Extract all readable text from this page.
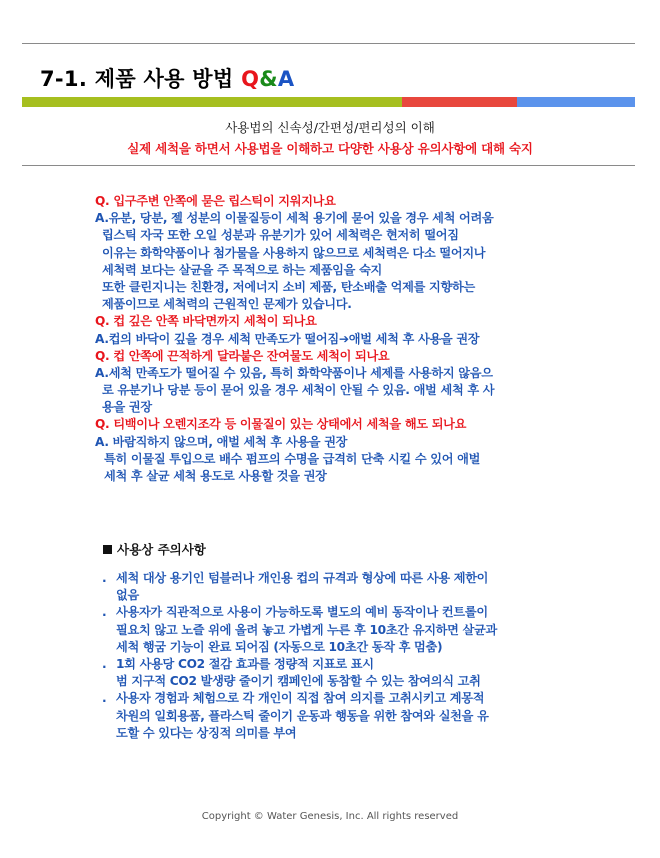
7-1. 제품 사용 방법 Q&A
사용법의 신속성/간편성/편리성의 이해
실제 세척을 하면서 사용법을 이해하고 다양한 사용상 유의사항에 대해 숙지
Q. 입구주변 안쪽에 묻은 립스틱이 지워지나요
A.유분, 당분, 젤 성분의 이물질등이 세척 용기에 묻어 있을 경우 세척 어려움
립스틱 자국 또한 오일 성분과 유분기가 있어 세척력은 현저히 떨어짐
이유는 화학약품이나 첨가물을 사용하지 않으므로 세척력은 다소 떨어지나
세척력 보다는 살균을 주 목적으로 하는 제품임을 숙지
또한 클린지니는 친환경, 저에너지 소비 제품, 탄소배출 억제를 지향하는
제품이므로 세척력의 근원적인 문제가 있습니다.
Q. 컵 깊은 안쪽 바닥면까지 세척이 되나요
A.컵의 바닥이 깊을 경우 세척 만족도가 떨어짐➔애벌 세척 후 사용을 권장
Q. 컵 안쪽에 끈적하게 달라붙은 잔여물도 세척이 되나요
A.세척 만족도가 떨어질 수 있음, 특히 화학약품이나 세제를 사용하지 않음으
로 유분기나 당분 등이 묻어 있을 경우 세척이 안될 수 있음. 애벌 세척 후 사
용을 권장
Q. 티백이나 오렌지조각 등 이물질이 있는 상태에서 세척을 해도 되나요
A. 바람직하지 않으며, 애벌 세척 후 사용을 권장
특히 이물질 투입으로 배수 펌프의 수명을 급격히 단축 시킬 수 있어 애벌
세척 후 살균 세척 용도로 사용할 것을 권장
사용상 주의사항
. 세척 대상 용기인 텀블러나 개인용 컵의 규격과 형상에 따른 사용 제한이
없음
. 사용자가 직관적으로 사용이 가능하도록 별도의 예비 동작이나 컨트롤이
필요치 않고 노즐 위에 올려 놓고 가볍게 누른 후 10초간 유지하면 살균과
세척 행굼 기능이 완료 되어짐 (자동으로 10초간 동작 후 멈춤)
. 1회 사용당 CO2 절감 효과를 정량적 지표로 표시
범 지구적 CO2 발생량 줄이기 캠페인에 동참할 수 있는 참여의식 고취
. 사용자 경험과 체험으로 각 개인이 직접 참여 의지를 고취시키고 계몽적
차원의 일회용품, 플라스틱 줄이기 운동과 행동을 위한 참여와 실천을 유
도할 수 있다는 상징적 의미를 부여
Copyright © Water Genesis, Inc. All rights reserved
